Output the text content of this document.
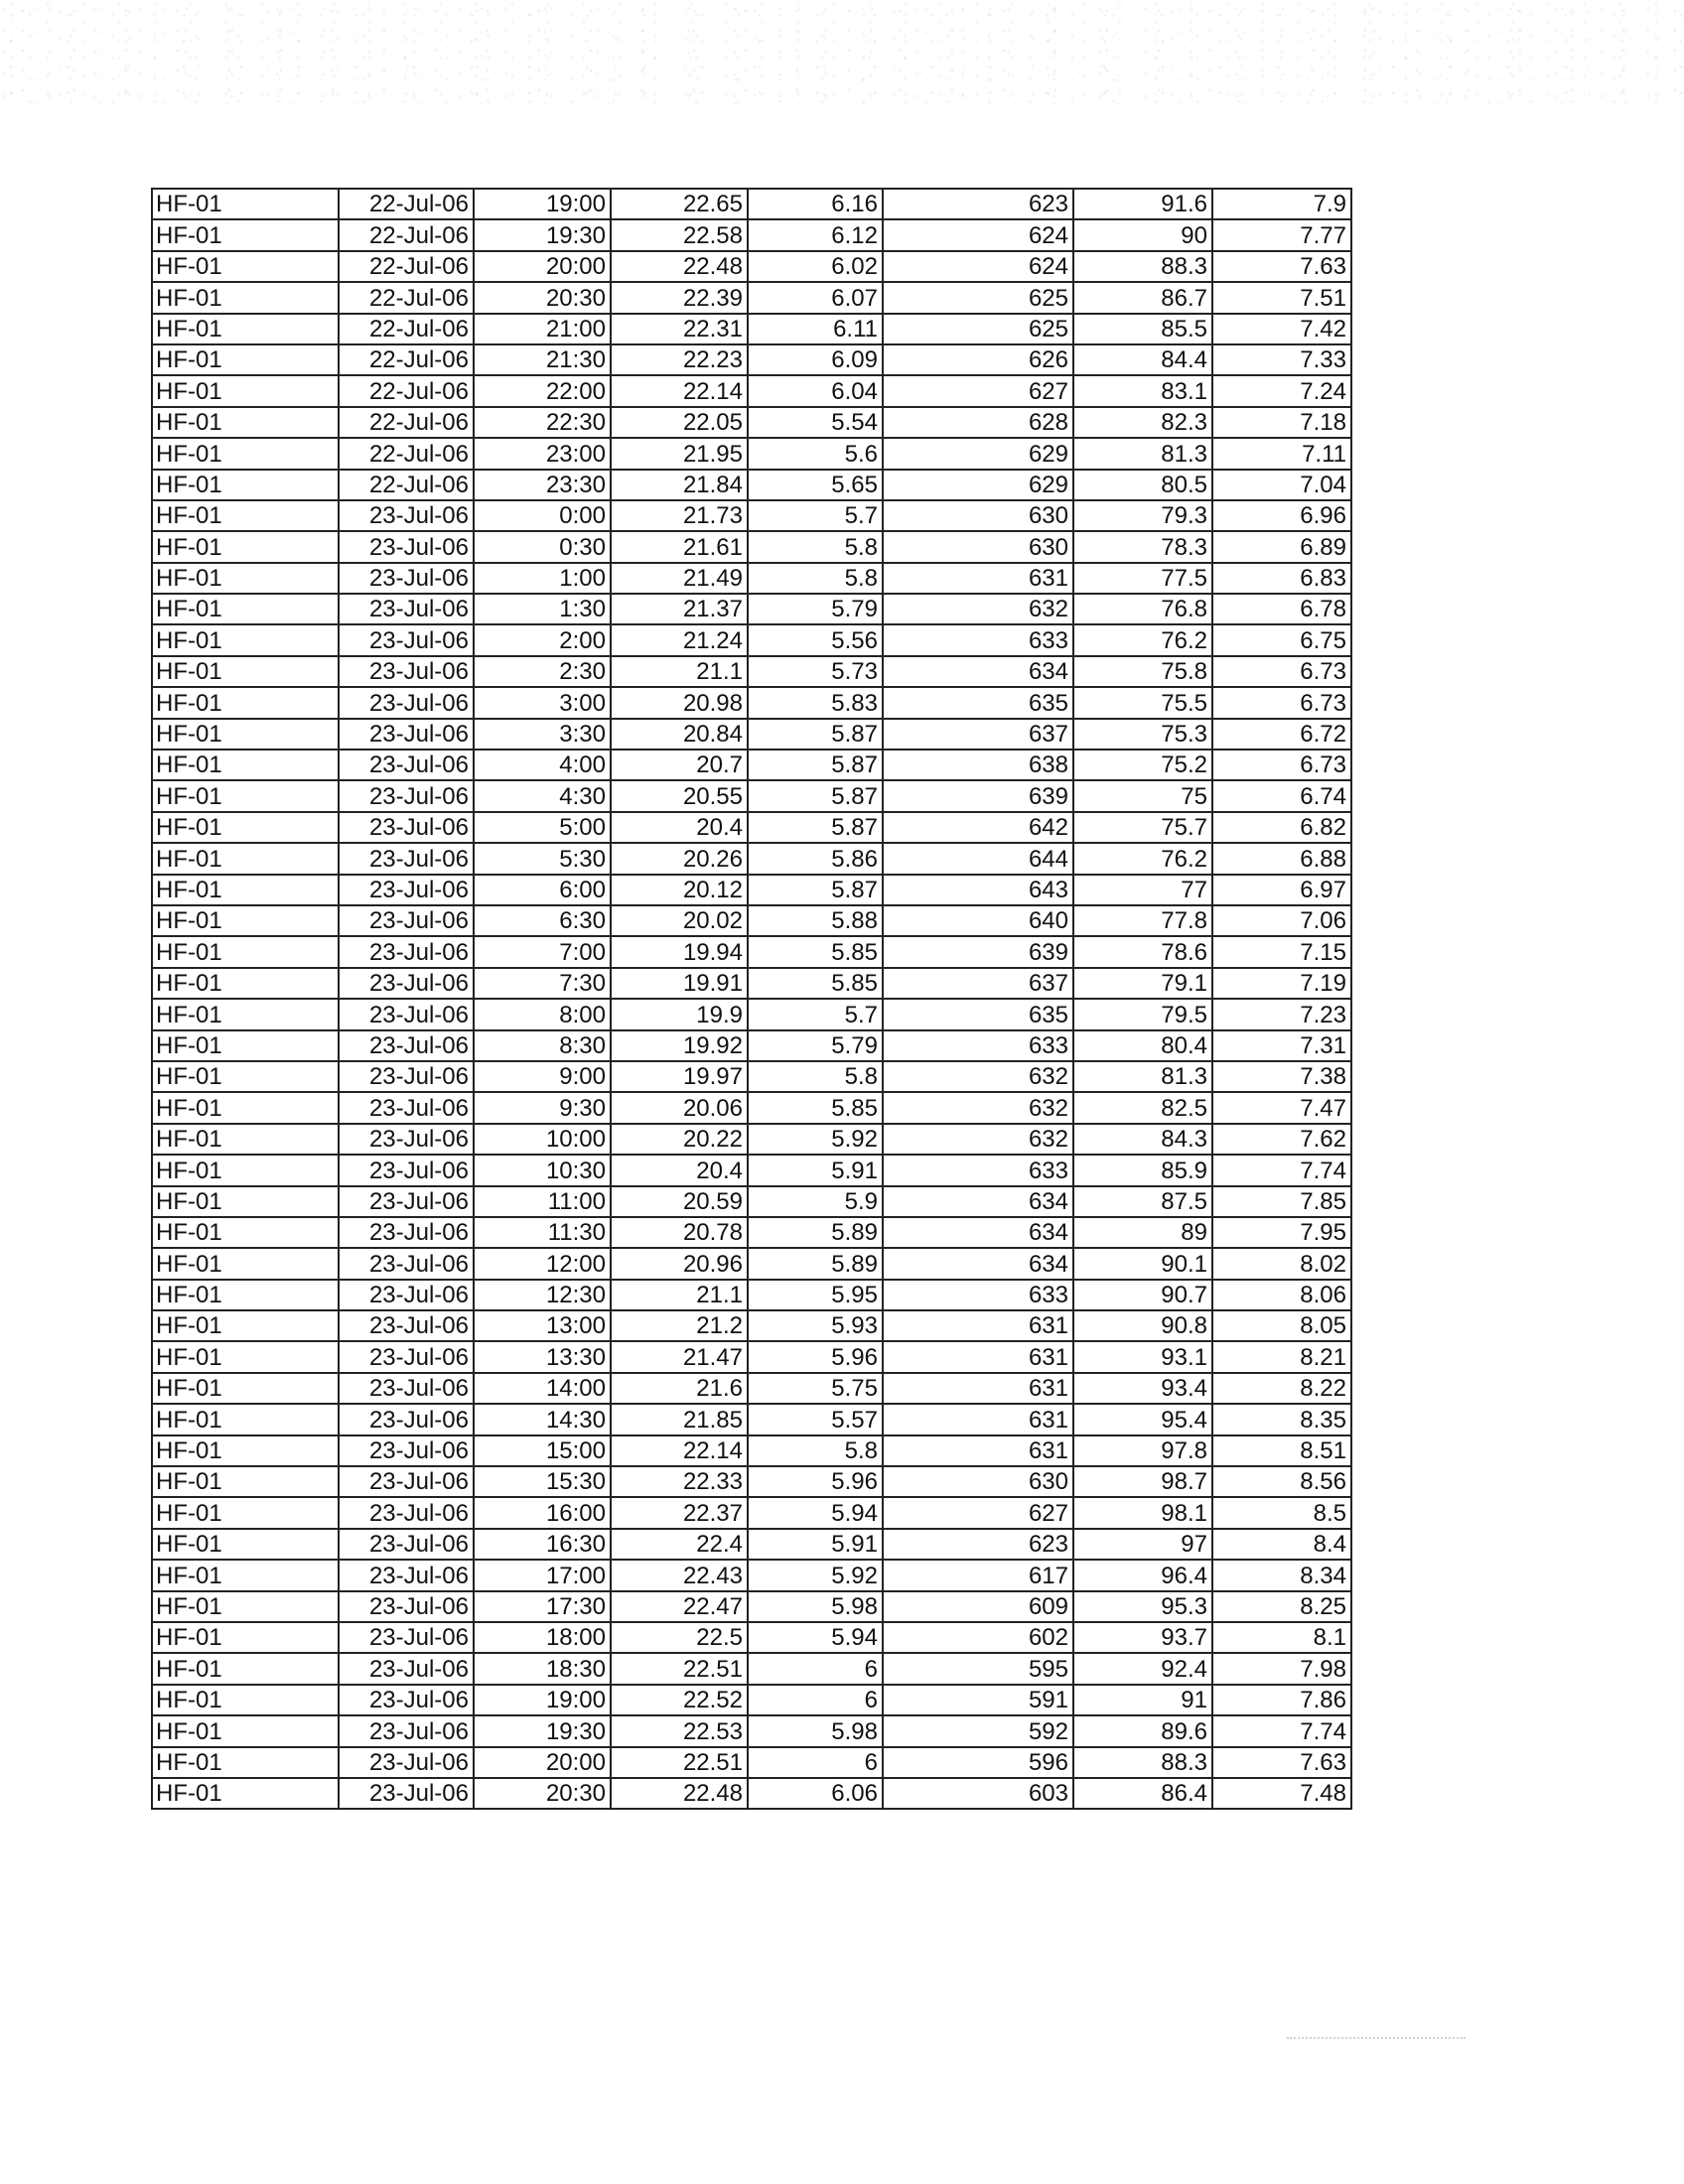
HF-01	22-Jul-06	19:00	22.65	6.16	623	91.6	7.9
HF-01	22-Jul-06	19:30	22.58	6.12	624	90	7.77
HF-01	22-Jul-06	20:00	22.48	6.02	624	88.3	7.63
HF-01	22-Jul-06	20:30	22.39	6.07	625	86.7	7.51
HF-01	22-Jul-06	21:00	22.31	6.11	625	85.5	7.42
HF-01	22-Jul-06	21:30	22.23	6.09	626	84.4	7.33
HF-01	22-Jul-06	22:00	22.14	6.04	627	83.1	7.24
HF-01	22-Jul-06	22:30	22.05	5.54	628	82.3	7.18
HF-01	22-Jul-06	23:00	21.95	5.6	629	81.3	7.11
HF-01	22-Jul-06	23:30	21.84	5.65	629	80.5	7.04
HF-01	23-Jul-06	0:00	21.73	5.7	630	79.3	6.96
HF-01	23-Jul-06	0:30	21.61	5.8	630	78.3	6.89
HF-01	23-Jul-06	1:00	21.49	5.8	631	77.5	6.83
HF-01	23-Jul-06	1:30	21.37	5.79	632	76.8	6.78
HF-01	23-Jul-06	2:00	21.24	5.56	633	76.2	6.75
HF-01	23-Jul-06	2:30	21.1	5.73	634	75.8	6.73
HF-01	23-Jul-06	3:00	20.98	5.83	635	75.5	6.73
HF-01	23-Jul-06	3:30	20.84	5.87	637	75.3	6.72
HF-01	23-Jul-06	4:00	20.7	5.87	638	75.2	6.73
HF-01	23-Jul-06	4:30	20.55	5.87	639	75	6.74
HF-01	23-Jul-06	5:00	20.4	5.87	642	75.7	6.82
HF-01	23-Jul-06	5:30	20.26	5.86	644	76.2	6.88
HF-01	23-Jul-06	6:00	20.12	5.87	643	77	6.97
HF-01	23-Jul-06	6:30	20.02	5.88	640	77.8	7.06
HF-01	23-Jul-06	7:00	19.94	5.85	639	78.6	7.15
HF-01	23-Jul-06	7:30	19.91	5.85	637	79.1	7.19
HF-01	23-Jul-06	8:00	19.9	5.7	635	79.5	7.23
HF-01	23-Jul-06	8:30	19.92	5.79	633	80.4	7.31
HF-01	23-Jul-06	9:00	19.97	5.8	632	81.3	7.38
HF-01	23-Jul-06	9:30	20.06	5.85	632	82.5	7.47
HF-01	23-Jul-06	10:00	20.22	5.92	632	84.3	7.62
HF-01	23-Jul-06	10:30	20.4	5.91	633	85.9	7.74
HF-01	23-Jul-06	11:00	20.59	5.9	634	87.5	7.85
HF-01	23-Jul-06	11:30	20.78	5.89	634	89	7.95
HF-01	23-Jul-06	12:00	20.96	5.89	634	90.1	8.02
HF-01	23-Jul-06	12:30	21.1	5.95	633	90.7	8.06
HF-01	23-Jul-06	13:00	21.2	5.93	631	90.8	8.05
HF-01	23-Jul-06	13:30	21.47	5.96	631	93.1	8.21
HF-01	23-Jul-06	14:00	21.6	5.75	631	93.4	8.22
HF-01	23-Jul-06	14:30	21.85	5.57	631	95.4	8.35
HF-01	23-Jul-06	15:00	22.14	5.8	631	97.8	8.51
HF-01	23-Jul-06	15:30	22.33	5.96	630	98.7	8.56
HF-01	23-Jul-06	16:00	22.37	5.94	627	98.1	8.5
HF-01	23-Jul-06	16:30	22.4	5.91	623	97	8.4
HF-01	23-Jul-06	17:00	22.43	5.92	617	96.4	8.34
HF-01	23-Jul-06	17:30	22.47	5.98	609	95.3	8.25
HF-01	23-Jul-06	18:00	22.5	5.94	602	93.7	8.1
HF-01	23-Jul-06	18:30	22.51	6	595	92.4	7.98
HF-01	23-Jul-06	19:00	22.52	6	591	91	7.86
HF-01	23-Jul-06	19:30	22.53	5.98	592	89.6	7.74
HF-01	23-Jul-06	20:00	22.51	6	596	88.3	7.63
HF-01	23-Jul-06	20:30	22.48	6.06	603	86.4	7.48
